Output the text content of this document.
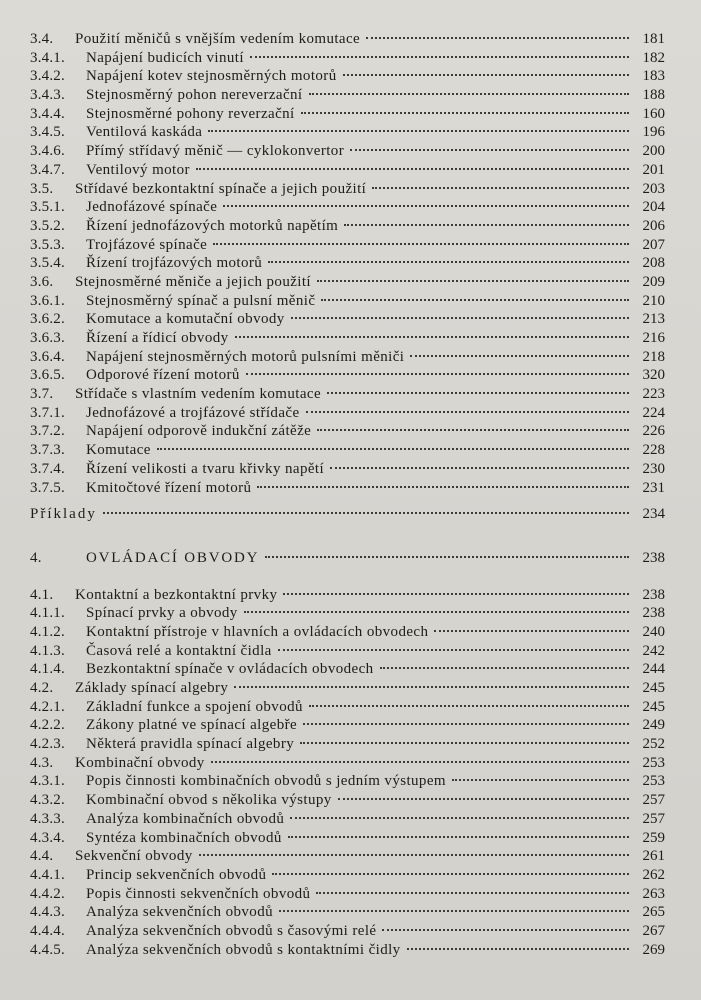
3.4.	Použití měničů s vnějším vedením komutace	181
3.4.1.	Napájení budicích vinutí	182
3.4.2.	Napájení kotev stejnosměrných motorů	183
3.4.3.	Stejnosměrný pohon nereverzační	188
3.4.4.	Stejnosměrné pohony reverzační	160
3.4.5.	Ventilová kaskáda	196
3.4.6.	Přímý střídavý měnič — cyklokonvertor	200
3.4.7.	Ventilový motor	201
3.5.	Střídavé bezkontaktní spínače a jejich použití	203
3.5.1.	Jednofázové spínače	204
3.5.2.	Řízení jednofázových motorků napětím	206
3.5.3.	Trojfázové spínače	207
3.5.4.	Řízení trojfázových motorů	208
3.6.	Stejnosměrné měniče a jejich použití	209
3.6.1.	Stejnosměrný spínač a pulsní měnič	210
3.6.2.	Komutace a komutační obvody	213
3.6.3.	Řízení a řídicí obvody	216
3.6.4.	Napájení stejnosměrných motorů pulsními měniči	218
3.6.5.	Odporové řízení motorů	320
3.7.	Střídače s vlastním vedením komutace	223
3.7.1.	Jednofázové a trojfázové střídače	224
3.7.2.	Napájení odporově indukční zátěže	226
3.7.3.	Komutace	228
3.7.4.	Řízení velikosti a tvaru křivky napětí	230
3.7.5.	Kmitočtové řízení motorů	231
Příklady	234
4.	OVLÁDACÍ OBVODY	238
4.1.	Kontaktní a bezkontaktní prvky	238
4.1.1.	Spínací prvky a obvody	238
4.1.2.	Kontaktní přístroje v hlavních a ovládacích obvodech	240
4.1.3.	Časová relé a kontaktní čidla	242
4.1.4.	Bezkontaktní spínače v ovládacích obvodech	244
4.2.	Základy spínací algebry	245
4.2.1.	Základní funkce a spojení obvodů	245
4.2.2.	Zákony platné ve spínací algebře	249
4.2.3.	Některá pravidla spínací algebry	252
4.3.	Kombinační obvody	253
4.3.1.	Popis činnosti kombinačních obvodů s jedním výstupem	253
4.3.2.	Kombinační obvod s několika výstupy	257
4.3.3.	Analýza kombinačních obvodů	257
4.3.4.	Syntéza kombinačních obvodů	259
4.4.	Sekvenční obvody	261
4.4.1.	Princip sekvenčních obvodů	262
4.4.2.	Popis činnosti sekvenčních obvodů	263
4.4.3.	Analýza sekvenčních obvodů	265
4.4.4.	Analýza sekvenčních obvodů s časovými relé	267
4.4.5.	Analýza sekvenčních obvodů s kontaktními čidly	269
